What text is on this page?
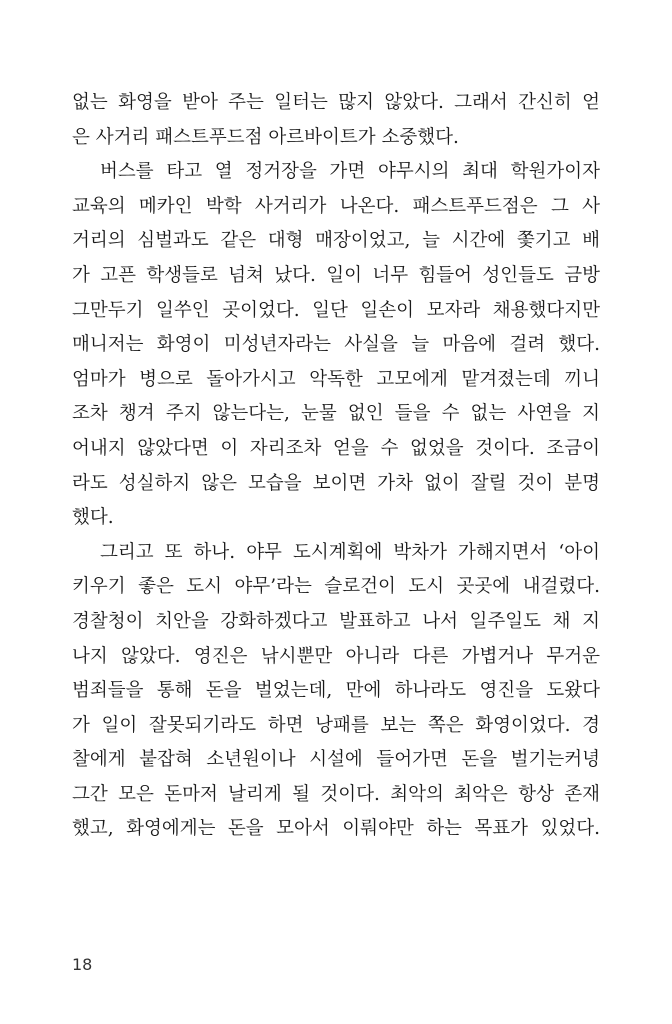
없는 화영을 받아 주는 일터는 많지 않았다. 그래서 간신히 얻
은 사거리 패스트푸드점 아르바이트가 소중했다.
버스를 타고 열 정거장을 가면 야무시의 최대 학원가이자
교육의 메카인 박학 사거리가 나온다. 패스트푸드점은 그 사
거리의 심벌과도 같은 대형 매장이었고, 늘 시간에 쫓기고 배
가 고픈 학생들로 넘쳐 났다. 일이 너무 힘들어 성인들도 금방
그만두기 일쑤인 곳이었다. 일단 일손이 모자라 채용했다지만
매니저는 화영이 미성년자라는 사실을 늘 마음에 걸려 했다.
엄마가 병으로 돌아가시고 악독한 고모에게 맡겨졌는데 끼니
조차 챙겨 주지 않는다는, 눈물 없인 들을 수 없는 사연을 지
어내지 않았다면 이 자리조차 얻을 수 없었을 것이다. 조금이
라도 성실하지 않은 모습을 보이면 가차 없이 잘릴 것이 분명
했다.
그리고 또 하나. 야무 도시계획에 박차가 가해지면서 ‘아이
키우기 좋은 도시 야무’라는 슬로건이 도시 곳곳에 내걸렸다.
경찰청이 치안을 강화하겠다고 발표하고 나서 일주일도 채 지
나지 않았다. 영진은 낚시뿐만 아니라 다른 가볍거나 무거운
범죄들을 통해 돈을 벌었는데, 만에 하나라도 영진을 도왔다
가 일이 잘못되기라도 하면 낭패를 보는 쪽은 화영이었다. 경
찰에게 붙잡혀 소년원이나 시설에 들어가면 돈을 벌기는커녕
그간 모은 돈마저 날리게 될 것이다. 최악의 최악은 항상 존재
했고, 화영에게는 돈을 모아서 이뤄야만 하는 목표가 있었다.
18
